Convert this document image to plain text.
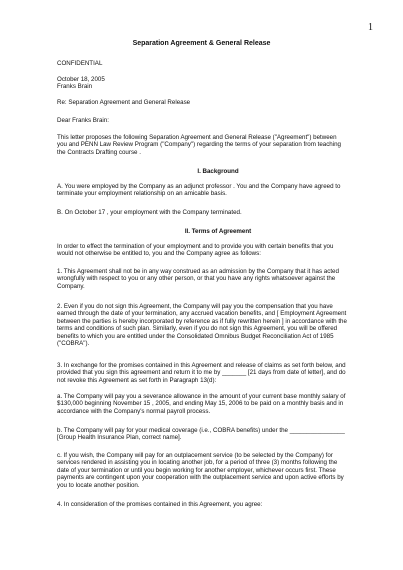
1
Separation Agreement & General Release
CONFIDENTIAL
October 18, 2005
Franks Brain
Re: Separation Agreement and General Release
Dear Franks Brain:
This letter proposes the following Separation Agreement and General Release ("Agreement") between
you and PENN Law Review Program ("Company") regarding the terms of your separation from teaching
the Contracts Drafting course .
I. Background
A. You were employed by the Company as an adjunct professor . You and the Company have agreed to
terminate your employment relationship on an amicable basis.
B. On October 17 , your employment with the Company terminated.
II. Terms of Agreement
In order to effect the termination of your employment and to provide you with certain benefits that you
would not otherwise be entitled to, you and the Company agree as follows:
1. This Agreement shall not be in any way construed as an admission by the Company that it has acted
wrongfully with respect to you or any other person, or that you have any rights whatsoever against the
Company.
2. Even if you do not sign this Agreement, the Company will pay you the compensation that you have
earned through the date of your termination, any accrued vacation benefits, and [ Employment Agreement
between the parties is hereby incorporated by reference as if fully rewritten herein ] in accordance with the
terms and conditions of such plan. Similarly, even if you do not sign this Agreement, you will be offered
benefits to which you are entitled under the Consolidated Omnibus Budget Reconciliation Act of 1985
("COBRA").
3. In exchange for the promises contained in this Agreement and release of claims as set forth below, and
provided that you sign this agreement and return it to me by _______ [21 days from date of letter], and do
not revoke this Agreement as set forth in Paragraph 13(d):
a. The Company will pay you a severance allowance in the amount of your current base monthly salary of
$130,000 beginning November 15 , 2005, and ending May 15, 2006 to be paid on a monthly basis and in
accordance with the Company's normal payroll process.
b. The Company will pay for your medical coverage (i.e., COBRA benefits) under the ________________
[Group Health Insurance Plan, correct name].
c. If you wish, the Company will pay for an outplacement service (to be selected by the Company) for
services rendered in assisting you in locating another job, for a period of three (3) months following the
date of your termination or until you begin working for another employer, whichever occurs first. These
payments are contingent upon your cooperation with the outplacement service and upon active efforts by
you to locate another position.
4. In consideration of the promises contained in this Agreement, you agree:
